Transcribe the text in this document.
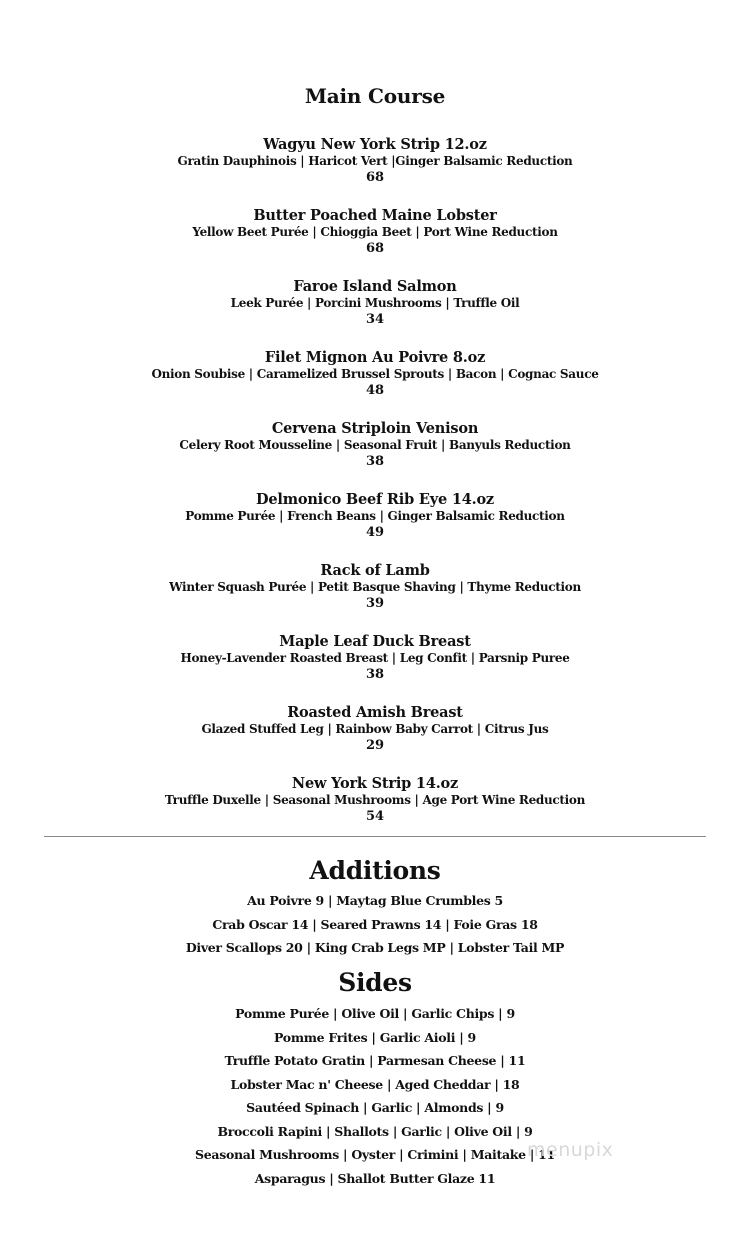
Main Course
Wagyu New York Strip 12.oz
Gratin Dauphinois | Haricot Vert |Ginger Balsamic Reduction
68
Butter Poached Maine Lobster
Yellow Beet Purée | Chioggia Beet | Port Wine Reduction
68
Faroe Island Salmon
Leek Purée | Porcini Mushrooms | Truffle Oil
34
Filet Mignon Au Poivre 8.oz
Onion Soubise | Caramelized Brussel Sprouts | Bacon | Cognac Sauce
48
Cervena Striploin Venison
Celery Root Mousseline | Seasonal Fruit | Banyuls Reduction
38
Delmonico Beef Rib Eye 14.oz
Pomme Purée | French Beans | Ginger Balsamic Reduction
49
Rack of Lamb
Winter Squash Purée | Petit Basque Shaving | Thyme Reduction
39
Maple Leaf Duck Breast
Honey-Lavender Roasted Breast | Leg Confit | Parsnip Puree
38
Roasted Amish Breast
Glazed Stuffed Leg | Rainbow Baby Carrot | Citrus Jus
29
New York Strip 14.oz
Truffle Duxelle | Seasonal Mushrooms | Age Port Wine Reduction
54
Additions
Au Poivre 9 | Maytag Blue Crumbles 5
Crab Oscar 14 | Seared Prawns 14 | Foie Gras 18
Diver Scallops 20 | King Crab Legs MP | Lobster Tail MP
Sides
Pomme Purée | Olive Oil | Garlic Chips | 9
Pomme Frites | Garlic Aioli | 9
Truffle Potato Gratin | Parmesan Cheese | 11
Lobster Mac n' Cheese | Aged Cheddar | 18
Sautéed Spinach | Garlic | Almonds | 9
Broccoli Rapini | Shallots | Garlic | Olive Oil | 9
Seasonal Mushrooms | Oyster | Crimini | Maitake | 11
Asparagus | Shallot Butter Glaze 11
menupix
